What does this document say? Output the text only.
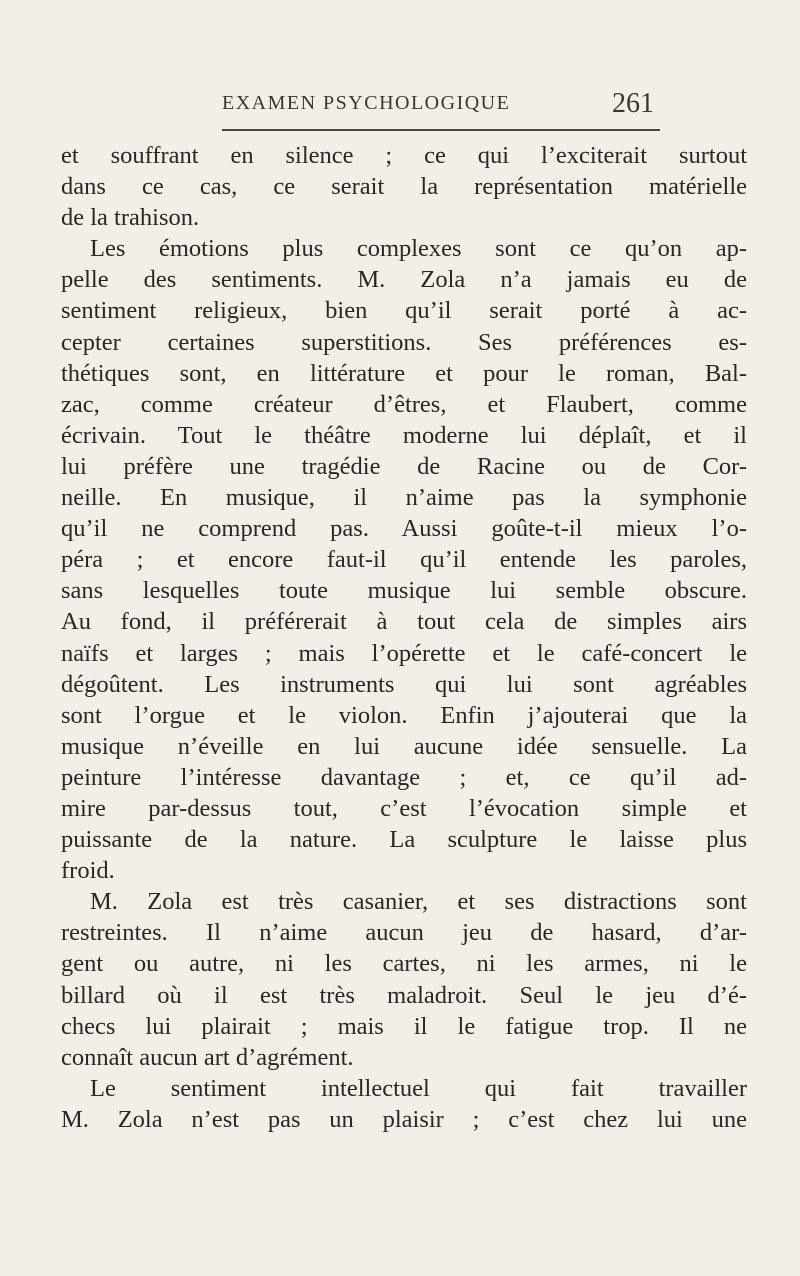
EXAMEN PSYCHOLOGIQUE	261
et souffrant en silence ; ce qui l’exciterait surtout
dans ce cas, ce serait la représentation matérielle
de la trahison.
Les émotions plus complexes sont ce qu’on ap-
pelle des sentiments. M. Zola n’a jamais eu de
sentiment religieux, bien qu’il serait porté à ac-
cepter certaines superstitions. Ses préférences es-
thétiques sont, en littérature et pour le roman, Bal-
zac, comme créateur d’êtres, et Flaubert, comme
écrivain. Tout le théâtre moderne lui déplaît, et il
lui préfère une tragédie de Racine ou de Cor-
neille. En musique, il n’aime pas la symphonie
qu’il ne comprend pas. Aussi goûte-t-il mieux l’o-
péra ; et encore faut-il qu’il entende les paroles,
sans lesquelles toute musique lui semble obscure.
Au fond, il préférerait à tout cela de simples airs
naïfs et larges ; mais l’opérette et le café-concert le
dégoûtent. Les instruments qui lui sont agréables
sont l’orgue et le violon. Enfin j’ajouterai que la
musique n’éveille en lui aucune idée sensuelle. La
peinture l’intéresse davantage ; et, ce qu’il ad-
mire par-dessus tout, c’est l’évocation simple et
puissante de la nature. La sculpture le laisse plus
froid.
M. Zola est très casanier, et ses distractions sont
restreintes. Il n’aime aucun jeu de hasard, d’ar-
gent ou autre, ni les cartes, ni les armes, ni le
billard où il est très maladroit. Seul le jeu d’é-
checs lui plairait ; mais il le fatigue trop. Il ne
connaît aucun art d’agrément.
Le sentiment intellectuel qui fait travailler
M. Zola n’est pas un plaisir ; c’est chez lui une
